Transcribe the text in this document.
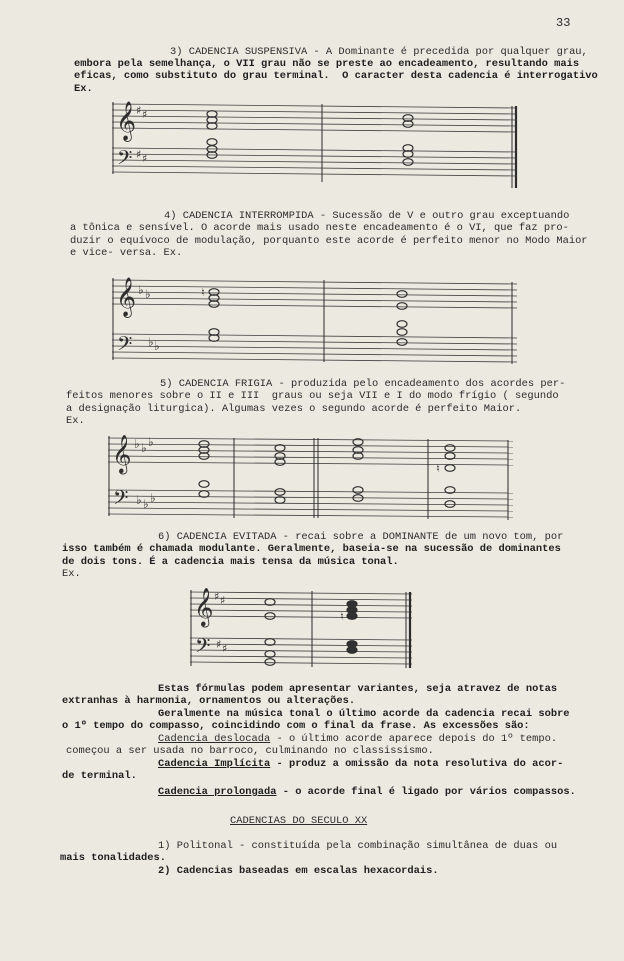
33
3) CADENCIA SUSPENSIVA - A Dominante é precedida por qualquer grau,
embora pela semelhança, o VII grau não se preste ao encadeamento, resultando mais
eficas, como substituto do grau terminal.  O caracter desta cadencia é interrogativo
Ex.
𝄞
𝄢
♯ ♯
♯ ♯
4) CADENCIA INTERROMPIDA - Sucessão de V e outro grau exceptuando
a tônica e sensível. O acorde mais usado neste encadeamento é o VI, que faz pro-
duzir o equívoco de modulação, porquanto este acorde é perfeito menor no Modo Maior
e vice- versa. Ex.
𝄞
𝄢
♭ ♭
♭ ♭
♮
5) CADENCIA FRIGIA - produzida pelo encadeamento dos acordes per-
feitos menores sobre o II e III  graus ou seja VII e I do modo frígio ( segundo
a designação liturgica). Algumas vezes o segundo acorde é perfeito Maior.
Ex.
𝄞
𝄢
♭ ♭ ♭
♭ ♭ ♭
♮
6) CADENCIA EVITADA - recai sobre a DOMINANTE de um novo tom, por
isso também é chamada modulante. Geralmente, baseia-se na sucessão de dominantes
de dois tons. É a cadencia mais tensa da música tonal.
Ex.
𝄞
𝄢
♯ ♯
♯ ♯
♮
Estas fórmulas podem apresentar variantes, seja atravez de notas
extranhas à harmonia, ornamentos ou alterações.
Geralmente na música tonal o último acorde da cadencia recai sobre
o 1º tempo do compasso, coincidindo com o final da frase. As excessões são:
Cadencia deslocada - o último acorde aparece depois do 1º tempo.
começou a ser usada no barroco, culminando no classissismo.
Cadencia Implícita - produz a omissão da nota resolutiva do acor-
de terminal.
Cadencia prolongada - o acorde final é ligado por vários compassos.
CADENCIAS DO SECULO XX
1) Politonal - constituída pela combinação simultânea de duas ou
mais tonalidades.
2) Cadencias baseadas em escalas hexacordais.
